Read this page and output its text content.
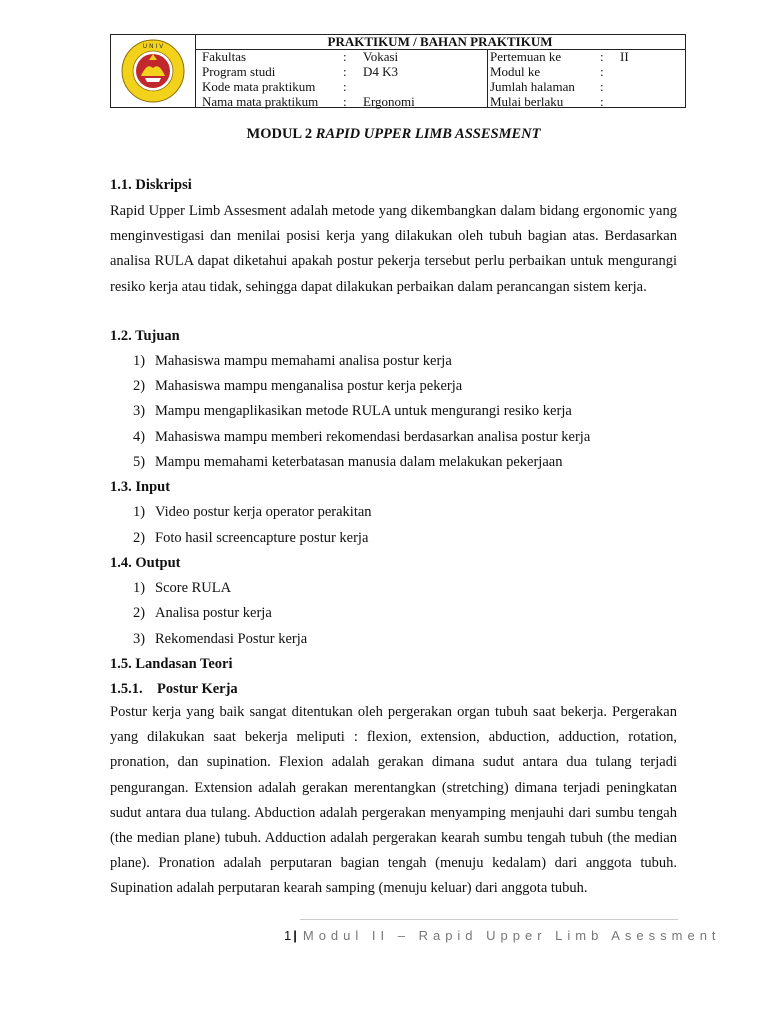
U N I V	PRAKTIKUM / BAHAN PRAKTIKUM
Fakultas	:	Vokasi
Program studi	:	D4 K3
Kode mata praktikum	:
Nama mata praktikum	:	Ergonomi
Pertemuan ke	:	II
Modul ke	:
Jumlah halaman	:
Mulai berlaku	:
MODUL 2 RAPID UPPER LIMB ASSESMENT
1.1. Diskripsi
Rapid Upper Limb Assesment adalah metode yang dikembangkan dalam bidang ergonomic yang menginvestigasi dan menilai posisi kerja yang dilakukan oleh tubuh bagian atas. Berdasarkan analisa RULA dapat diketahui apakah postur pekerja tersebut perlu perbaikan untuk mengurangi resiko kerja atau tidak, sehingga dapat dilakukan perbaikan dalam perancangan sistem kerja.
1.2. Tujuan
1) Mahasiswa mampu memahami analisa postur kerja
2) Mahasiswa mampu menganalisa postur kerja pekerja
3) Mampu mengaplikasikan metode RULA untuk mengurangi resiko kerja
4) Mahasiswa mampu memberi rekomendasi berdasarkan analisa postur kerja
5) Mampu memahami keterbatasan manusia dalam melakukan pekerjaan
1.3. Input
1) Video postur kerja operator perakitan
2) Foto hasil screencapture postur kerja
1.4. Output
1) Score RULA
2) Analisa postur kerja
3) Rekomendasi Postur kerja
1.5. Landasan Teori
1.5.1. Postur Kerja
Postur kerja yang baik sangat ditentukan oleh pergerakan organ tubuh saat bekerja. Pergerakan yang dilakukan saat bekerja meliputi : flexion, extension, abduction, adduction, rotation, pronation, dan supination. Flexion adalah gerakan dimana sudut antara dua tulang terjadi pengurangan. Extension adalah gerakan merentangkan (stretching) dimana terjadi peningkatan sudut antara dua tulang. Abduction adalah pergerakan menyamping menjauhi dari sumbu tengah (the median plane) tubuh. Adduction adalah pergerakan kearah sumbu tengah tubuh (the median plane). Pronation adalah perputaran bagian tengah (menuju kedalam) dari anggota tubuh. Supination adalah perputaran kearah samping (menuju keluar) dari anggota tubuh.
1 | Modul II – Rapid Upper Limb Asessment
